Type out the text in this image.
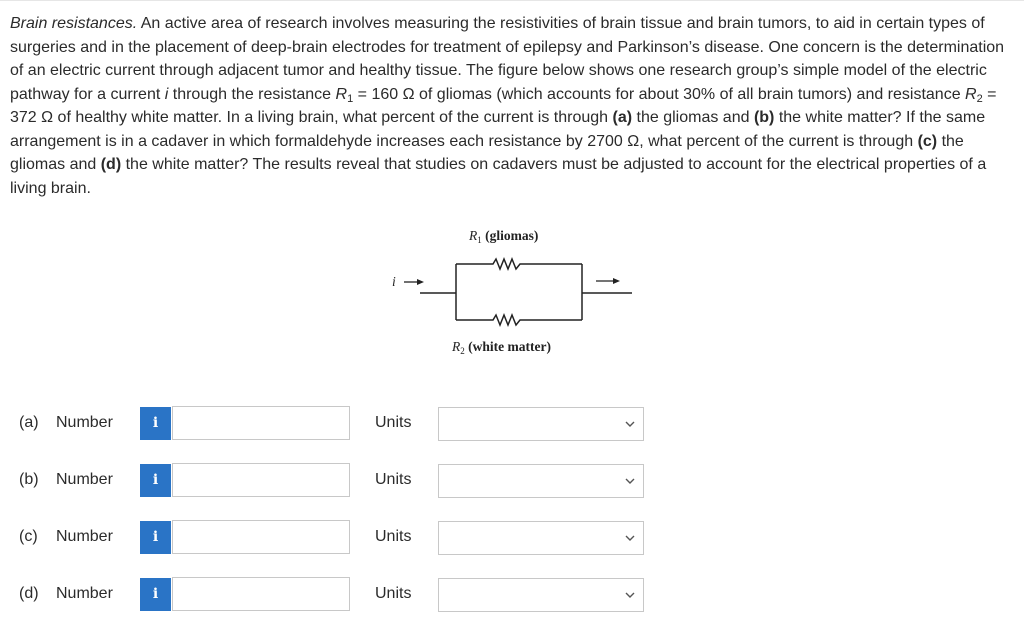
Brain resistances. An active area of research involves measuring the resistivities of brain tissue and brain tumors, to aid in certain types of surgeries and in the placement of deep-brain electrodes for treatment of epilepsy and Parkinson’s disease. One concern is the determination of an electric current through adjacent tumor and healthy tissue. The figure below shows one research group’s simple model of the electric pathway for a current i through the resistance $R_1 = 160$ Ω of gliomas (which accounts for about 30% of all brain tumors) and resistance $R_2 = 372$ Ω of healthy white matter. In a living brain, what percent of the current is through (a) the gliomas and (b) the white matter? If the same arrangement is in a cadaver in which formaldehyde increases each resistance by 2700 Ω, what percent of the current is through (c) the gliomas and (d) the white matter? The results reveal that studies on cadavers must be adjusted to account for the electrical properties of a living brain.
$R_1$ (gliomas)
i
$R_2$ (white matter)
(a) Number	i	Units
(b) Number	i	Units
(c) Number	i	Units
(d) Number	i	Units
